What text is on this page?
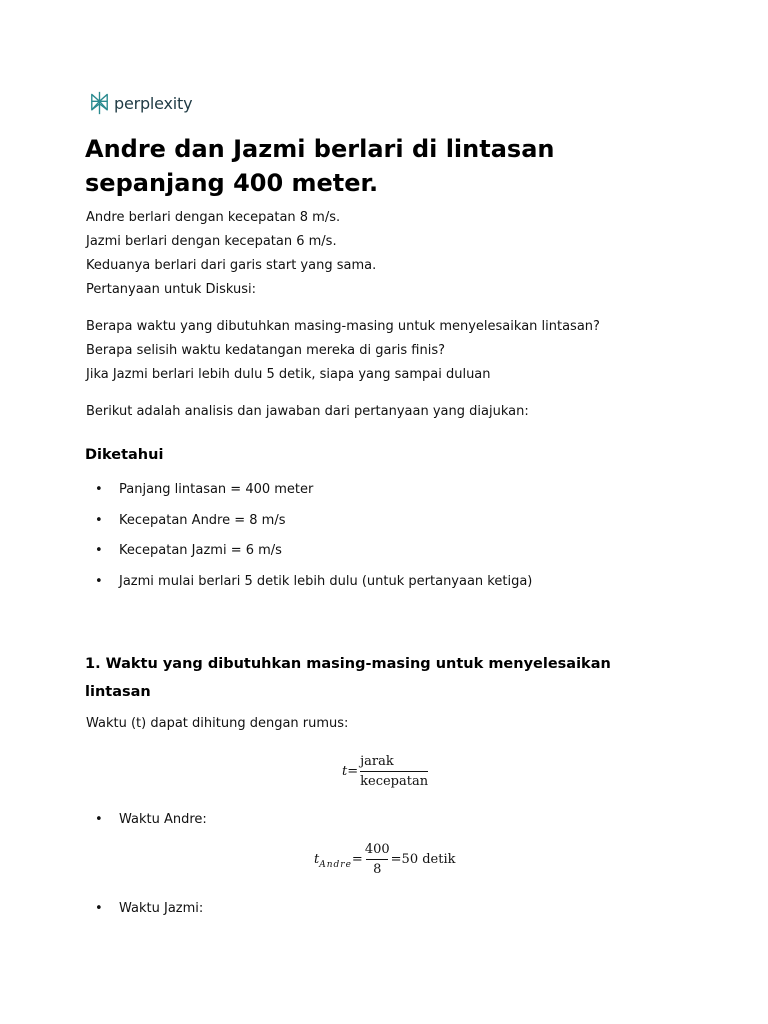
perplexity
Andre dan Jazmi berlari di lintasan sepanjang 400 meter.
Andre berlari dengan kecepatan 8 m/s.
Jazmi berlari dengan kecepatan 6 m/s.
Keduanya berlari dari garis start yang sama.
Pertanyaan untuk Diskusi:
Berapa waktu yang dibutuhkan masing-masing untuk menyelesaikan lintasan?
Berapa selisih waktu kedatangan mereka di garis finis?
Jika Jazmi berlari lebih dulu 5 detik, siapa yang sampai duluan
Berikut adalah analisis dan jawaban dari pertanyaan yang diajukan:
Diketahui
• Panjang lintasan = 400 meter
• Kecepatan Andre = 8 m/s
• Kecepatan Jazmi = 6 m/s
• Jazmi mulai berlari 5 detik lebih dulu (untuk pertanyaan ketiga)
1. Waktu yang dibutuhkan masing-masing untuk menyelesaikan lintasan
Waktu (t) dapat dihitung dengan rumus:
$t = \frac{\text{jarak}}{\text{kecepatan}}$
• Waktu Andre:
t Andre = $\frac{400}{8} =50$ detik
• Waktu Jazmi:
